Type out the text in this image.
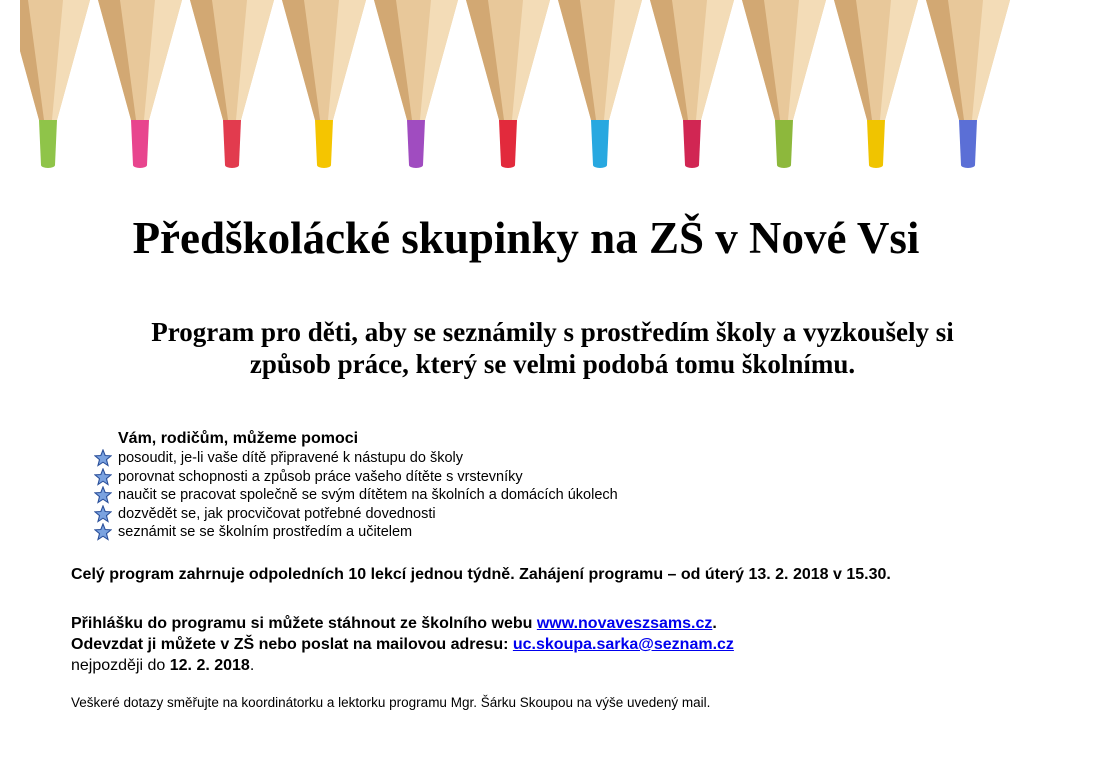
Předškolácké skupinky na ZŠ v Nové Vsi
Program pro děti, aby se seznámily s prostředím školy a vyzkoušely si
způsob práce, který se velmi podobá tomu školnímu.

Vám, rodičům, můžeme pomoci

posoudit, je-li vaše dítě připravené k nástupu do školy
porovnat schopnosti a způsob práce vašeho dítěte s vrstevníky
naučit se pracovat společně se svým dítětem na školních a domácích úkolech
dozvědět se, jak procvičovat potřebné dovednosti
seznámit se se školním prostředím a učitelem

Celý program zahrnuje odpoledních 10 lekcí jednou týdně. Zahájení programu – od úterý 13. 2. 2018 v 15.30.

Přihlášku do programu si můžete stáhnout ze školního webu www.novaveszsams.cz.
Odevzdat ji můžete v ZŠ nebo poslat na mailovou adresu: uc.skoupa.sarka@seznam.cz
nejpozději do 12. 2. 2018.

Veškeré dotazy směřujte na koordinátorku a lektorku programu Mgr. Šárku Skoupou na výše uvedený mail.
